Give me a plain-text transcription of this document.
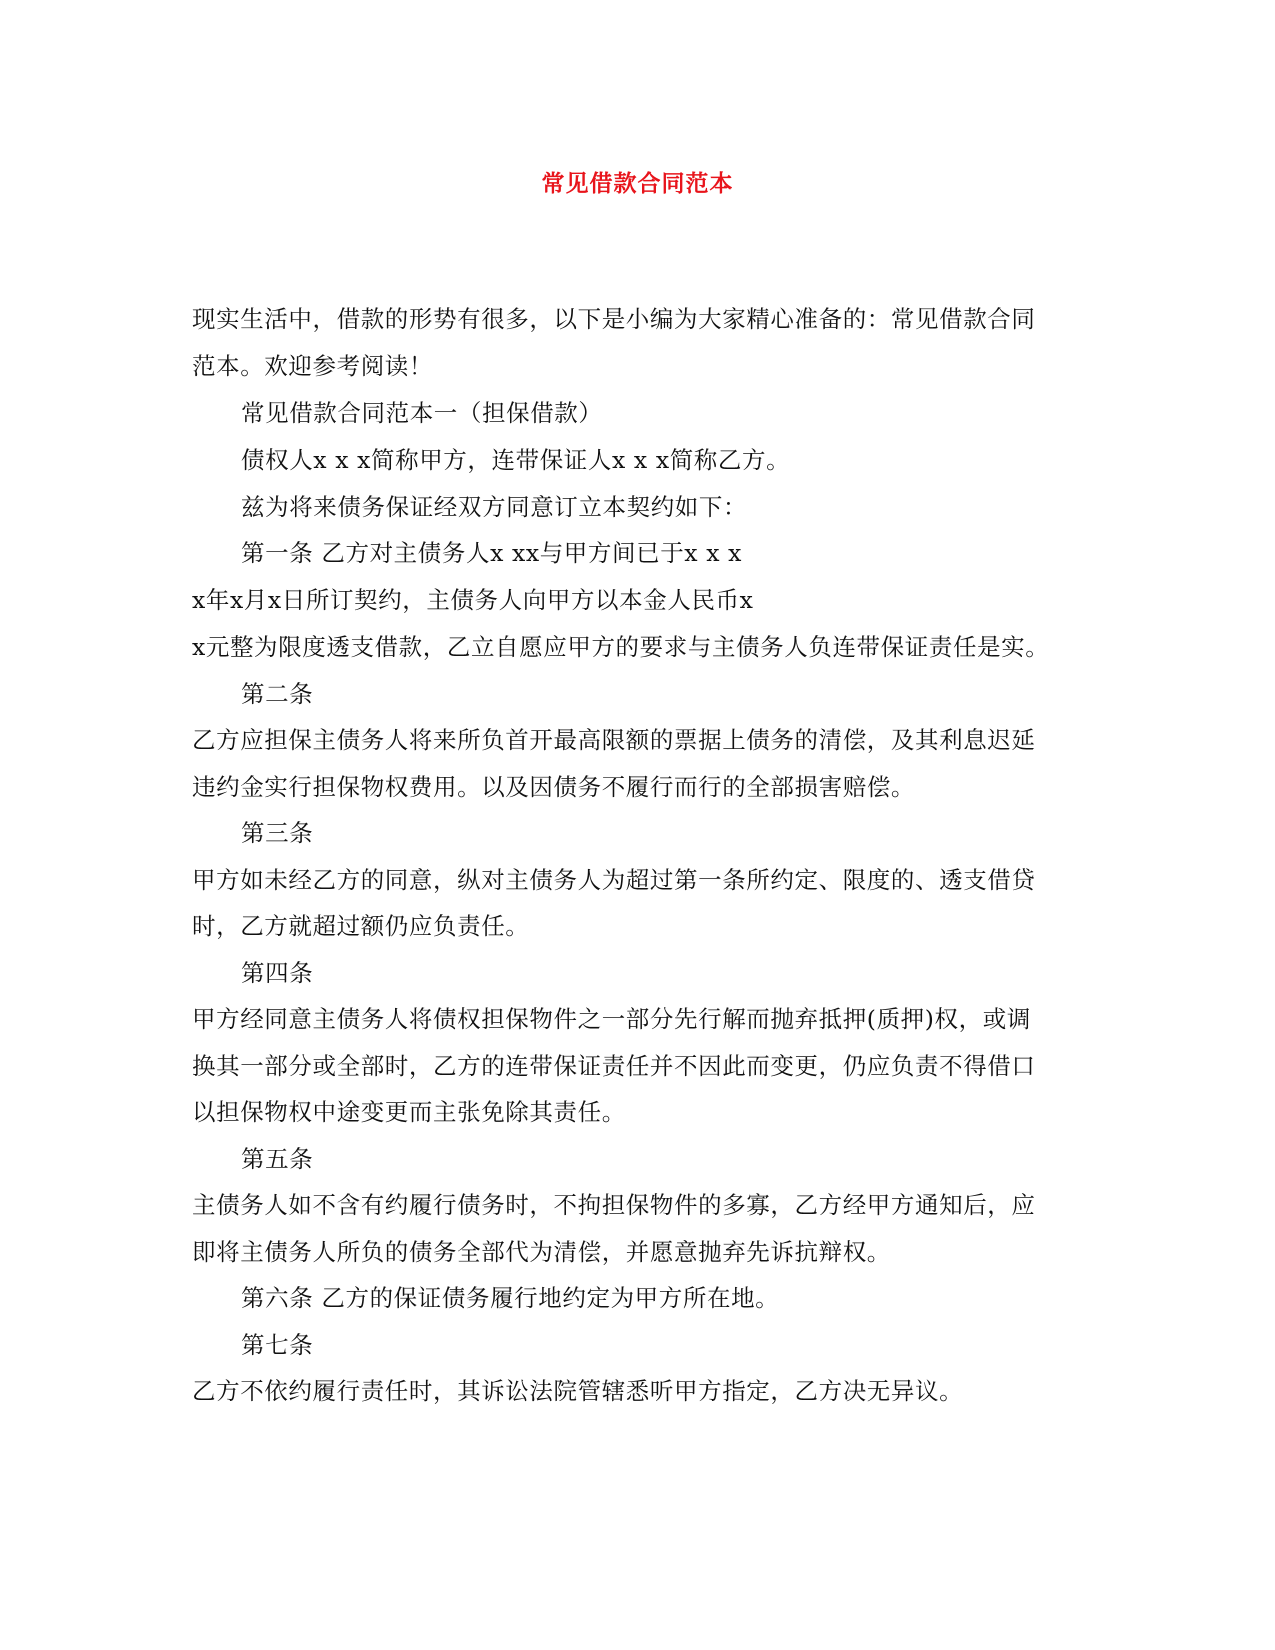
常见借款合同范本
现实生活中，借款的形势有很多，以下是小编为大家精心准备的：常见借款合同
范本。欢迎参考阅读！
常见借款合同范本一（担保借款）
债权人x x x简称甲方，连带保证人x x x简称乙方。
兹为将来债务保证经双方同意订立本契约如下：
第一条 乙方对主债务人x xx与甲方间已于x x x
x年x月x日所订契约，主债务人向甲方以本金人民币x
x元整为限度透支借款，乙立自愿应甲方的要求与主债务人负连带保证责任是实。
第二条
乙方应担保主债务人将来所负首开最高限额的票据上债务的清偿，及其利息迟延
违约金实行担保物权费用。以及因债务不履行而行的全部损害赔偿。
第三条
甲方如未经乙方的同意，纵对主债务人为超过第一条所约定、限度的、透支借贷
时，乙方就超过额仍应负责任。
第四条
甲方经同意主债务人将债权担保物件之一部分先行解而抛弃抵押(质押)权，或调
换其一部分或全部时，乙方的连带保证责任并不因此而变更，仍应负责不得借口
以担保物权中途变更而主张免除其责任。
第五条
主债务人如不含有约履行债务时，不拘担保物件的多寡，乙方经甲方通知后，应
即将主债务人所负的债务全部代为清偿，并愿意抛弃先诉抗辩权。
第六条 乙方的保证债务履行地约定为甲方所在地。
第七条
乙方不依约履行责任时，其诉讼法院管辖悉听甲方指定，乙方决无异议。
